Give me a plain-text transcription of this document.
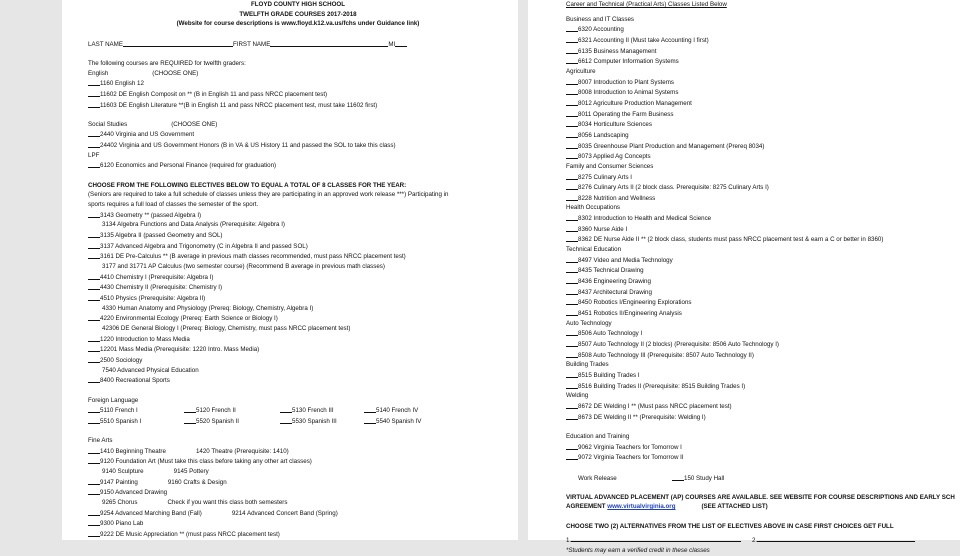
FLOYD COUNTY HIGH SCHOOL
TWELFTH GRADE COURSES 2017-2018
(Website for course descriptions is www.floyd.k12.va.us/fchs under Guidance link)
LAST NAME	FIRST NAME	MI
The following courses are REQUIRED for twelfth graders:
English	(CHOOSE ONE)
1160 English 12
11602 DE English Composit on ** (B in English 11 and pass NRCC placement test)
11603 DE English Literature **(B in English 11 and pass NRCC placement test, must take 11602 first)
Social Studies	(CHOOSE ONE)
2440 Virginia and US Government
24402 Virginia and US Government Honors (B in VA & US History 11 and passed the SOL to take this class)
LPF
6120 Economics and Personal Finance (required for graduation)
CHOOSE FROM THE FOLLOWING ELECTIVES BELOW TO EQUAL A TOTAL OF 8 CLASSES FOR THE YEAR:
(Seniors are required to take a full schedule of classes unless they are participating in an approved work release ***) Participating in
sports requires a full load of classes the semester of the sport.
3143 Geometry ** (passed Algebra I)
3134 Algebra Functions and Data Analysis (Prerequisite: Algebra I)
3135 Algebra II (passed Geometry and SOL)
3137 Advanced Algebra and Trigonometry (C in Algebra II and passed SOL)
3161 DE Pre-Calculus ** (B average in previous math classes recommended, must pass NRCC placement test)
3177 and 31771 AP Calculus (two semester course) (Recommend B average in previous math classes)
4410 Chemistry I (Prerequisite: Algebra I)
4430 Chemistry II (Prerequisite: Chemistry I)
4510 Physics (Prerequisite: Algebra II)
4330 Human Anatomy and Physiology (Prereq: Biology, Chemistry, Algebra I)
4220 Environmental Ecology (Prereq: Earth Science or Biology I)
42306 DE General Biology I (Prereq: Biology, Chemistry, must pass NRCC placement test)
1220 Introduction to Mass Media
12201 Mass Media (Prerequisite: 1220 Intro. Mass Media)
2500 Sociology
7540 Advanced Physical Education
8400 Recreational Sports
Foreign Language
5110 French I	5120 French II	5130 French III	5140 French IV
5510 Spanish I	5520 Spanish II	5530 Spanish III	5540 Spanish IV
Fine Arts
1410 Beginning Theatre	1420 Theatre (Prerequisite: 1410)
9120 Foundation Art (Must take this class before taking any other art classes)
9140 Sculpture	9145 Pottery
9147 Painting	9160 Crafts & Design
9150 Advanced Drawing
9265 Chorus	Check if you want this class both semesters
9254 Advanced Marching Band (Fall)	9214 Advanced Concert Band (Spring)
9300 Piano Lab
9222 DE Music Appreciation ** (must pass NRCC placement test)
Career and Technical (Practical Arts) Classes Listed Below
Business and IT Classes
6320 Accounting
6321 Accounting II (Must take Accounting I first)
6135 Business Management
6612 Computer Information Systems
Agriculture
8007 Introduction to Plant Systems
8008 Introduction to Animal Systems
8012 Agriculture Production Management
8011 Operating the Farm Business
8034 Horticulture Sciences
8056 Landscaping
8035 Greenhouse Plant Production and Management (Prereq 8034)
8073 Applied Ag Concepts
Family and Consumer Sciences
8275 Culinary Arts I
8276 Culinary Arts II (2 block class. Prerequisite: 8275 Culinary Arts I)
8228 Nutrition and Wellness
Health Occupations
8302 Introduction to Health and Medical Science
8360 Nurse Aide I
8362 DE Nurse Aide II ** (2 block class, students must pass NRCC placement test & earn a C or better in 8360)
Technical Education
8497 Video and Media Technology
8435 Technical Drawing
8436 Engineering Drawing
8437 Architectural Drawing
8450 Robotics I/Engineering Explorations
8451 Robotics II/Engineering Analysis
Auto Technology
8506 Auto Technology I
8507 Auto Technology II (2 blocks) (Prerequisite: 8506 Auto Technology I)
8508 Auto Technology III (Prerequisite: 8507 Auto Technology II)
Building Trades
8515 Building Trades I
8516 Building Trades II (Prerequisite: 8515 Building Trades I)
Welding
8672 DE Welding I ** (Must pass NRCC placement test)
8673 DE Welding II ** (Prerequisite: Welding I)
Education and Training
9062 Virginia Teachers for Tomorrow I
9072 Virginia Teachers for Tomorrow II
Work Release	150 Study Hall
VIRTUAL ADVANCED PLACEMENT (AP) COURSES ARE AVAILABLE. SEE WEBSITE FOR COURSE DESCRIPTIONS AND EARLY SCH
AGREEMENT www.virtualvirginia.org	(SEE ATTACHED LIST)
CHOOSE TWO (2) ALTERNATIVES FROM THE LIST OF ELECTIVES ABOVE IN CASE FIRST CHOICES GET FULL
1.	2.
*Students may earn a verified credit in these classes
